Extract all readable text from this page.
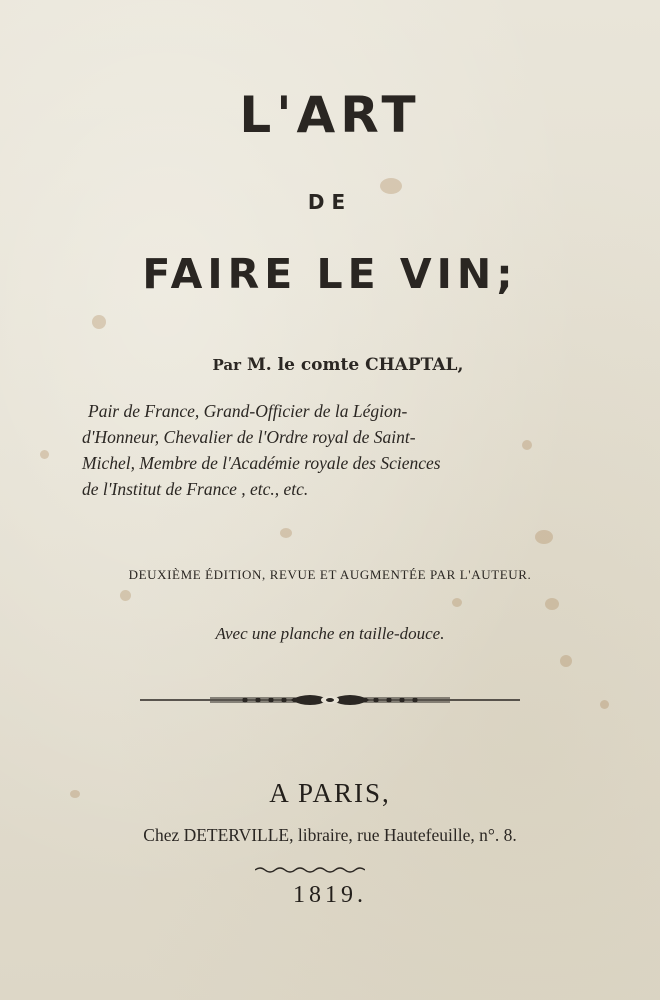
L'ART
DE
FAIRE LE VIN;
Par M. le comte CHAPTAL,
Pair de France, Grand-Officier de la Légion-
d'Honneur, Chevalier de l'Ordre royal de Saint-
Michel, Membre de l'Académie royale des Sciences
de l'Institut de France , etc., etc.
DEUXIÈME ÉDITION, REVUE ET AUGMENTÉE PAR L'AUTEUR.
Avec une planche en taille-douce.
A PARIS,
Chez DETERVILLE, libraire, rue Hautefeuille, n°. 8.
1819.
